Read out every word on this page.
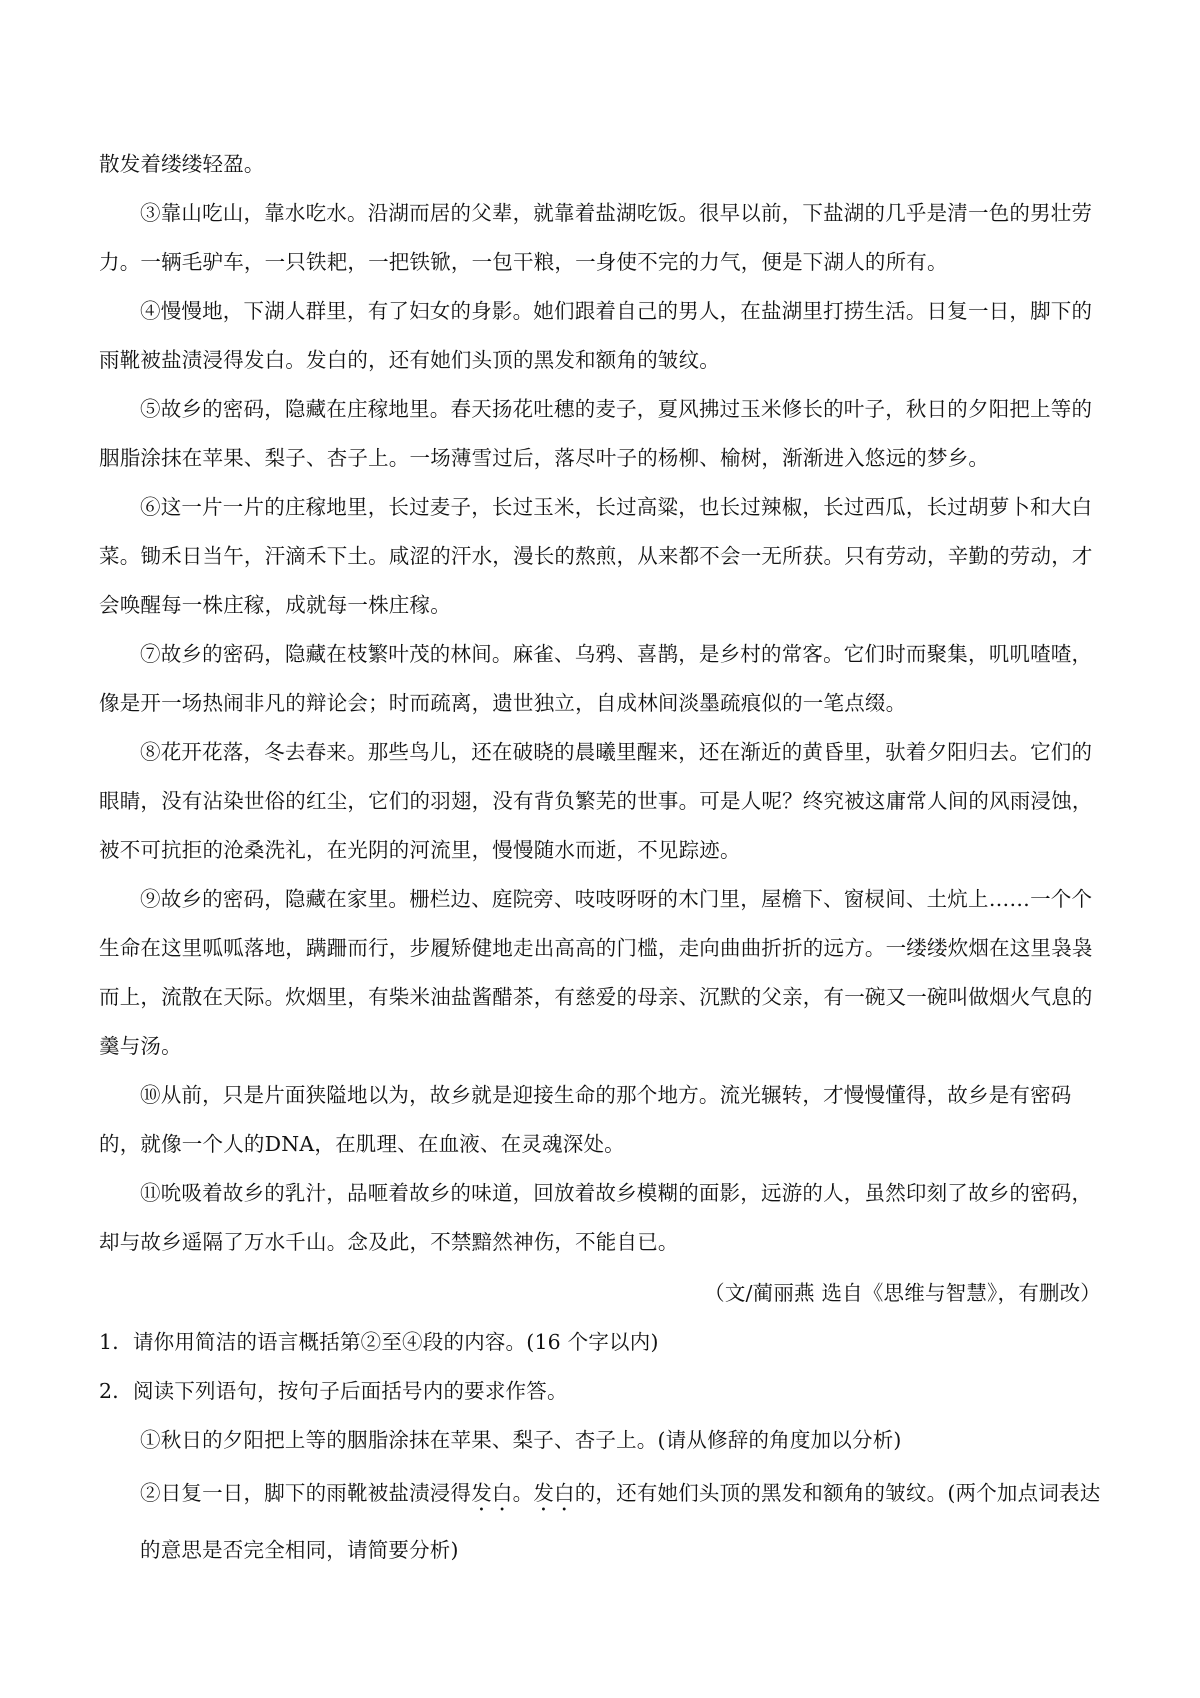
散发着缕缕轻盈。

③靠山吃山，靠水吃水。沿湖而居的父辈，就靠着盐湖吃饭。很早以前，下盐湖的几乎是清一色的男壮劳力。一辆毛驴车，一只铁耙，一把铁锨，一包干粮，一身使不完的力气，便是下湖人的所有。

④慢慢地，下湖人群里，有了妇女的身影。她们跟着自己的男人，在盐湖里打捞生活。日复一日，脚下的雨靴被盐渍浸得发白。发白的，还有她们头顶的黑发和额角的皱纹。

⑤故乡的密码，隐藏在庄稼地里。春天扬花吐穗的麦子，夏风拂过玉米修长的叶子，秋日的夕阳把上等的胭脂涂抹在苹果、梨子、杏子上。一场薄雪过后，落尽叶子的杨柳、榆树，渐渐进入悠远的梦乡。

⑥这一片一片的庄稼地里，长过麦子，长过玉米，长过高粱，也长过辣椒，长过西瓜，长过胡萝卜和大白菜。锄禾日当午，汗滴禾下土。咸涩的汗水，漫长的熬煎，从来都不会一无所获。只有劳动，辛勤的劳动，才会唤醒每一株庄稼，成就每一株庄稼。

⑦故乡的密码，隐藏在枝繁叶茂的林间。麻雀、乌鸦、喜鹊，是乡村的常客。它们时而聚集，叽叽喳喳，像是开一场热闹非凡的辩论会；时而疏离，遗世独立，自成林间淡墨疏痕似的一笔点缀。

⑧花开花落，冬去春来。那些鸟儿，还在破晓的晨曦里醒来，还在渐近的黄昏里，驮着夕阳归去。它们的眼睛，没有沾染世俗的红尘，它们的羽翅，没有背负繁芜的世事。可是人呢？终究被这庸常人间的风雨浸蚀，被不可抗拒的沧桑洗礼，在光阴的河流里，慢慢随水而逝，不见踪迹。

⑨故乡的密码，隐藏在家里。栅栏边、庭院旁、吱吱呀呀的木门里，屋檐下、窗棂间、土炕上……一个个生命在这里呱呱落地，蹒跚而行，步履矫健地走出高高的门槛，走向曲曲折折的远方。一缕缕炊烟在这里袅袅而上，流散在天际。炊烟里，有柴米油盐酱醋茶，有慈爱的母亲、沉默的父亲，有一碗又一碗叫做烟火气息的羹与汤。

⑩从前，只是片面狭隘地以为，故乡就是迎接生命的那个地方。流光辗转，才慢慢懂得，故乡是有密码的，就像一个人的DNA，在肌理、在血液、在灵魂深处。

⑪吮吸着故乡的乳汁，品咂着故乡的味道，回放着故乡模糊的面影，远游的人，虽然印刻了故乡的密码，却与故乡遥隔了万水千山。念及此，不禁黯然神伤，不能自已。

（文/蔺丽燕 选自《思维与智慧》，有删改）

1．请你用简洁的语言概括第②至④段的内容。(16 个字以内)

2．阅读下列语句，按句子后面括号内的要求作答。

①秋日的夕阳把上等的胭脂涂抹在苹果、梨子、杏子上。(请从修辞的角度加以分析)

②日复一日，脚下的雨靴被盐渍浸得发白。发白的，还有她们头顶的黑发和额角的皱纹。(两个加点词表达的意思是否完全相同，请简要分析)
